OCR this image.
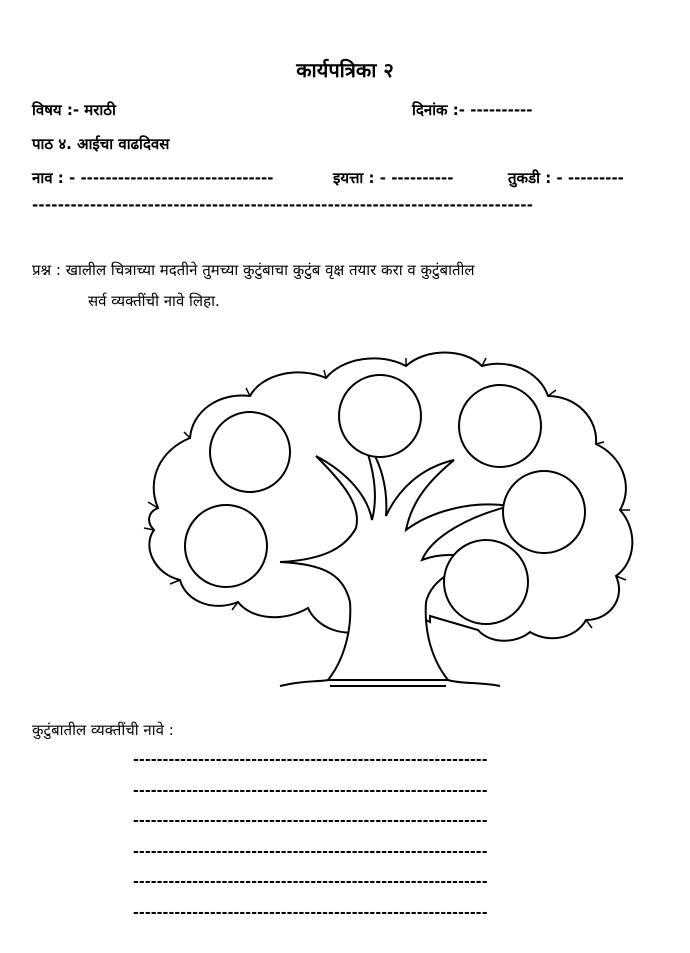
कार्यपत्रिका २
विषय :- मराठी	दिनांक :- ----------
पाठ ४. आईचा वाढदिवस
नाव : - -------------------------------	इयत्ता : - ----------	तुकडी : - ---------
------------------------------------------------------------------------------
प्रश्न : खालील चित्राच्या मदतीने तुमच्या कुटुंबाचा कुटुंब वृक्ष तयार करा व कुटुंबातील
सर्व व्यक्तींची नावे लिहा.
कुटुंबातील व्यक्तींची नावे :
------------------------------------------------------------
------------------------------------------------------------
------------------------------------------------------------
------------------------------------------------------------
------------------------------------------------------------
------------------------------------------------------------
